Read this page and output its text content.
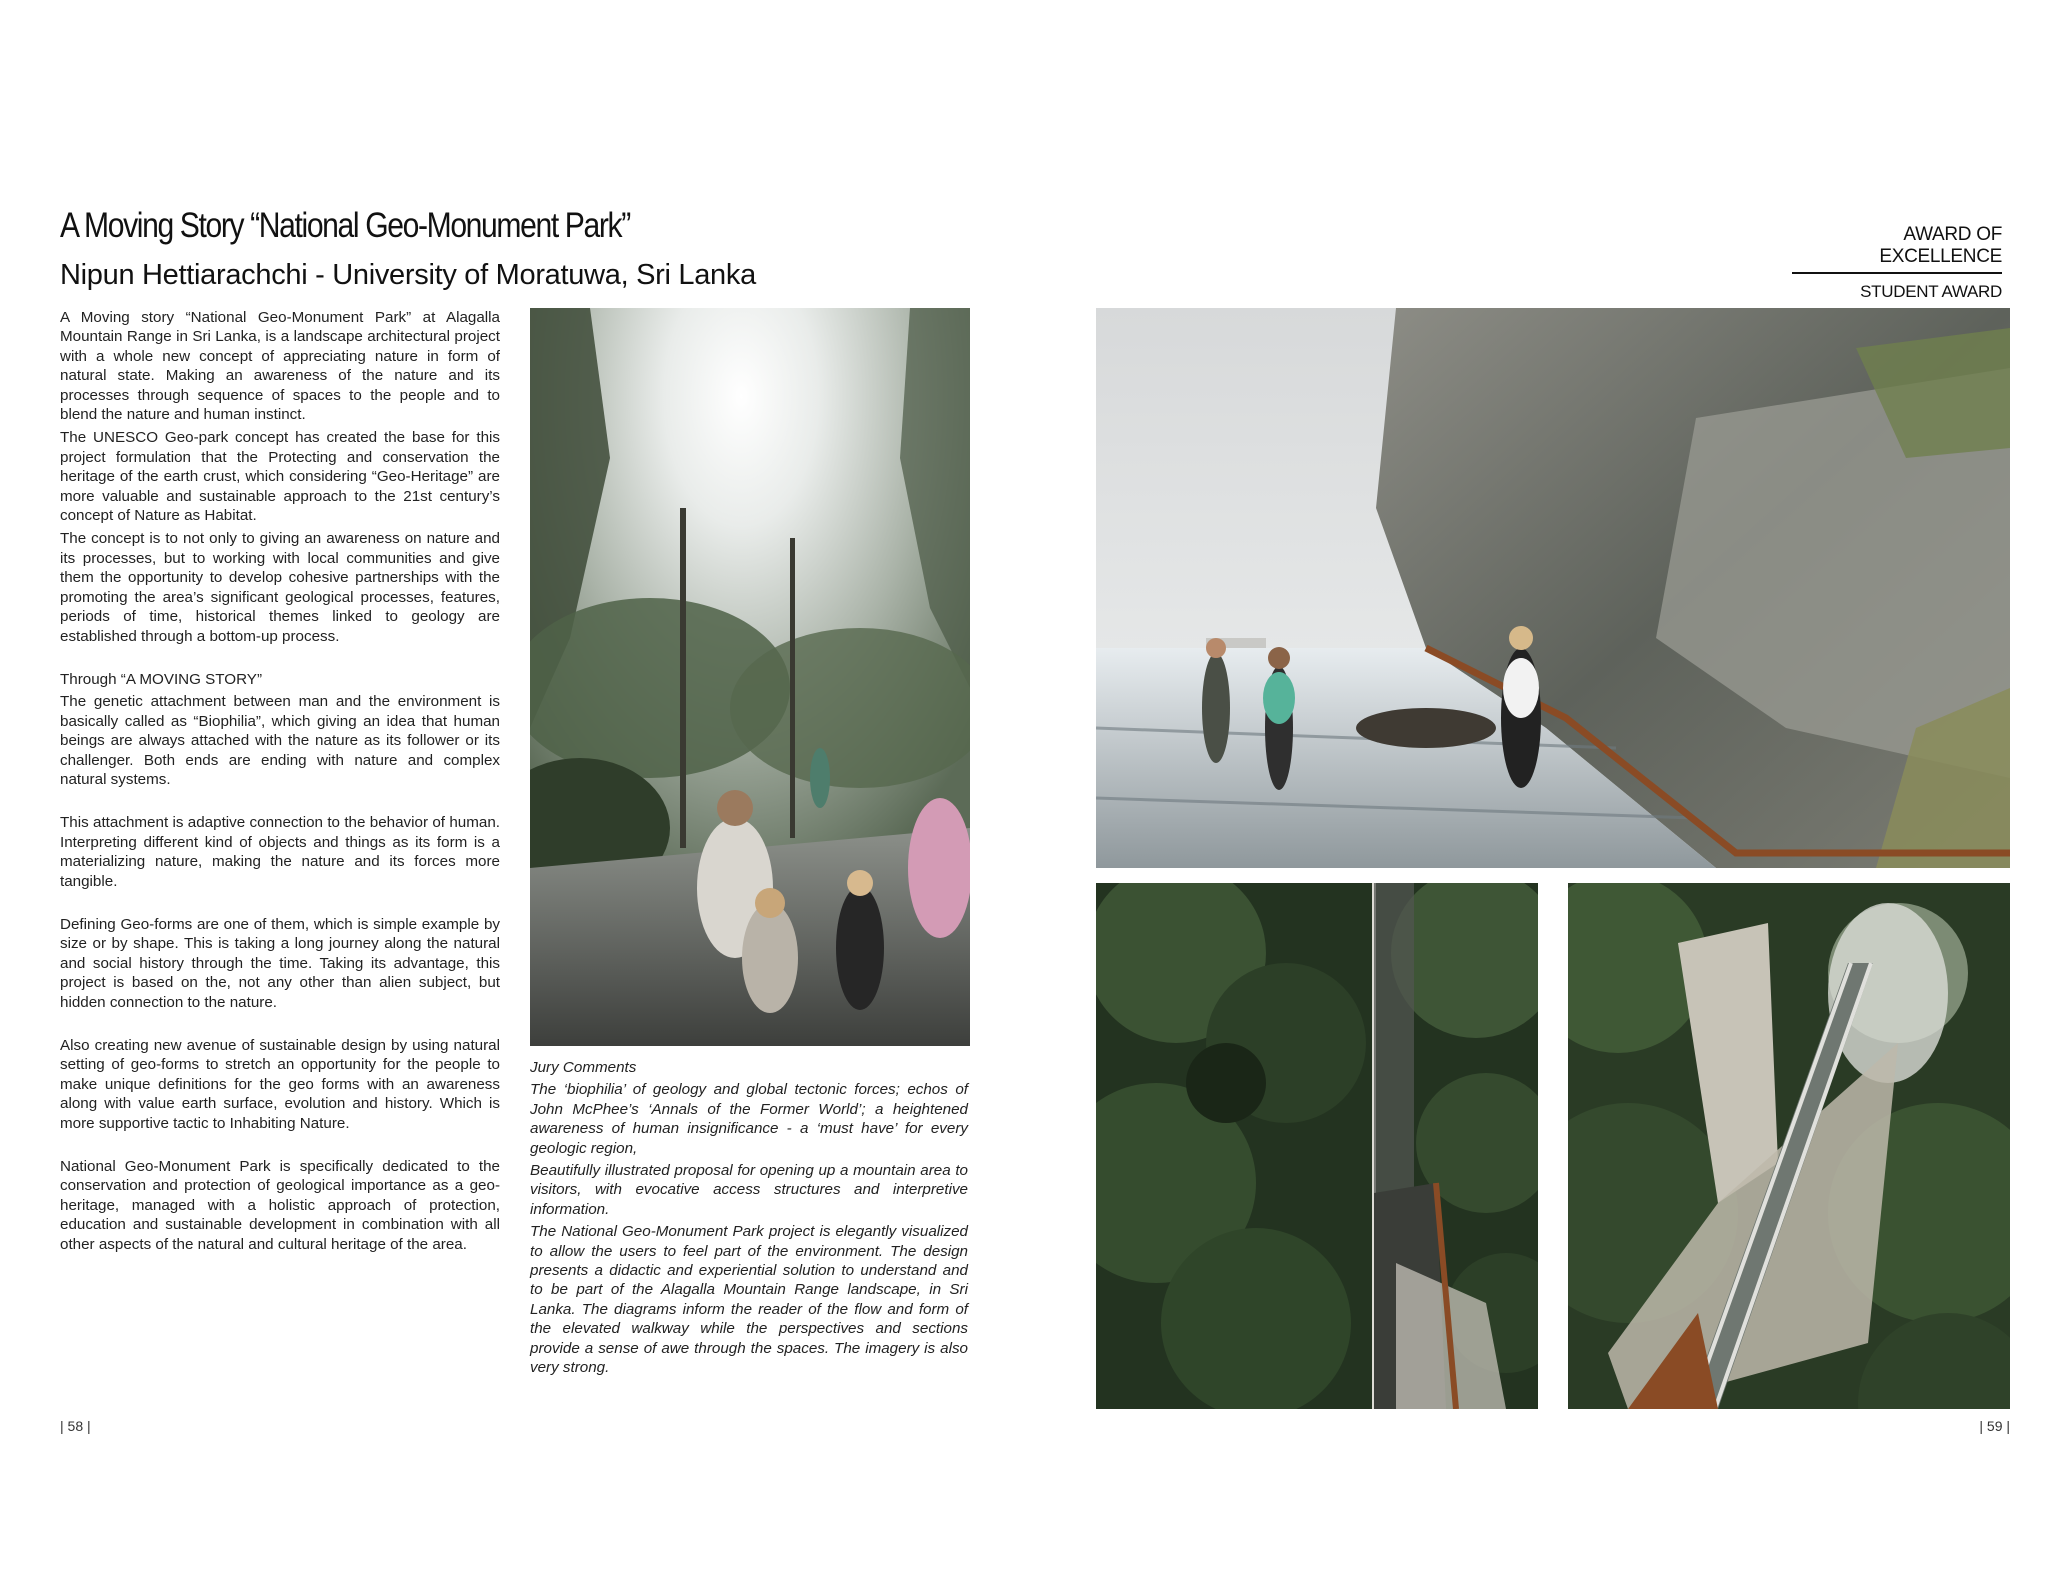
A Moving Story “National Geo-Monument Park”
Nipun Hettiarachchi - University of Moratuwa, Sri Lanka
AWARD OF EXCELLENCE
STUDENT AWARD

A Moving story “National Geo-Monument Park” at Alagalla Mountain Range in Sri Lanka, is a landscape architectural project with a whole new concept of appreciating nature in form of natural state. Making an awareness of the nature and its processes through sequence of spaces to the people and to blend the nature and human instinct.

The UNESCO Geo-park concept has created the base for this project formulation that the Protecting and conservation the heritage of the earth crust, which considering “Geo-Heritage” are more valuable and sustainable approach to the 21st century’s concept of Nature as Habitat.

The concept is to not only to giving an awareness on nature and its processes, but to working with local communities and give them the opportunity to develop cohesive partnerships with the promoting the area’s significant geological processes, features, periods of time, historical themes linked to geology are established through a bottom-up process.

Through “A MOVING STORY”

The genetic attachment between man and the environment is basically called as “Biophilia”, which giving an idea that human beings are always attached with the nature as its follower or its challenger. Both ends are ending with nature and complex natural systems.

This attachment is adaptive connection to the behavior of human. Interpreting different kind of objects and things as its form is a materializing nature, making the nature and its forces more tangible.

Defining Geo-forms are one of them, which is simple example by size or by shape. This is taking a long journey along the natural and social history through the time. Taking its advantage, this project is based on the, not any other than alien subject, but hidden connection to the nature.

Also creating new avenue of sustainable design by using natural setting of geo-forms to stretch an opportunity for the people to make unique definitions for the geo forms with an awareness along with value earth surface, evolution and history. Which is more supportive tactic to Inhabiting Nature.

National Geo-Monument Park is specifically dedicated to the conservation and protection of geological importance as a geo-heritage, managed with a holistic approach of protection, education and sustainable development in combination with all other aspects of the natural and cultural heritage of the area.

Jury Comments

The ‘biophilia’ of geology and global tectonic forces; echos of John McPhee’s ‘Annals of the Former World’; a heightened awareness of human insignificance - a ‘must have’ for every geologic region,

Beautifully illustrated proposal for opening up a mountain area to visitors, with evocative access structures and interpretive information.

The National Geo-Monument Park project is elegantly visualized to allow the users to feel part of the environment. The design presents a didactic and experiential solution to understand and to be part of the Alagalla Mountain Range landscape, in Sri Lanka. The diagrams inform the reader of the flow and form of the elevated walkway while the perspectives and sections provide a sense of awe through the spaces. The imagery is also very strong.

| 58 |	| 59 |
